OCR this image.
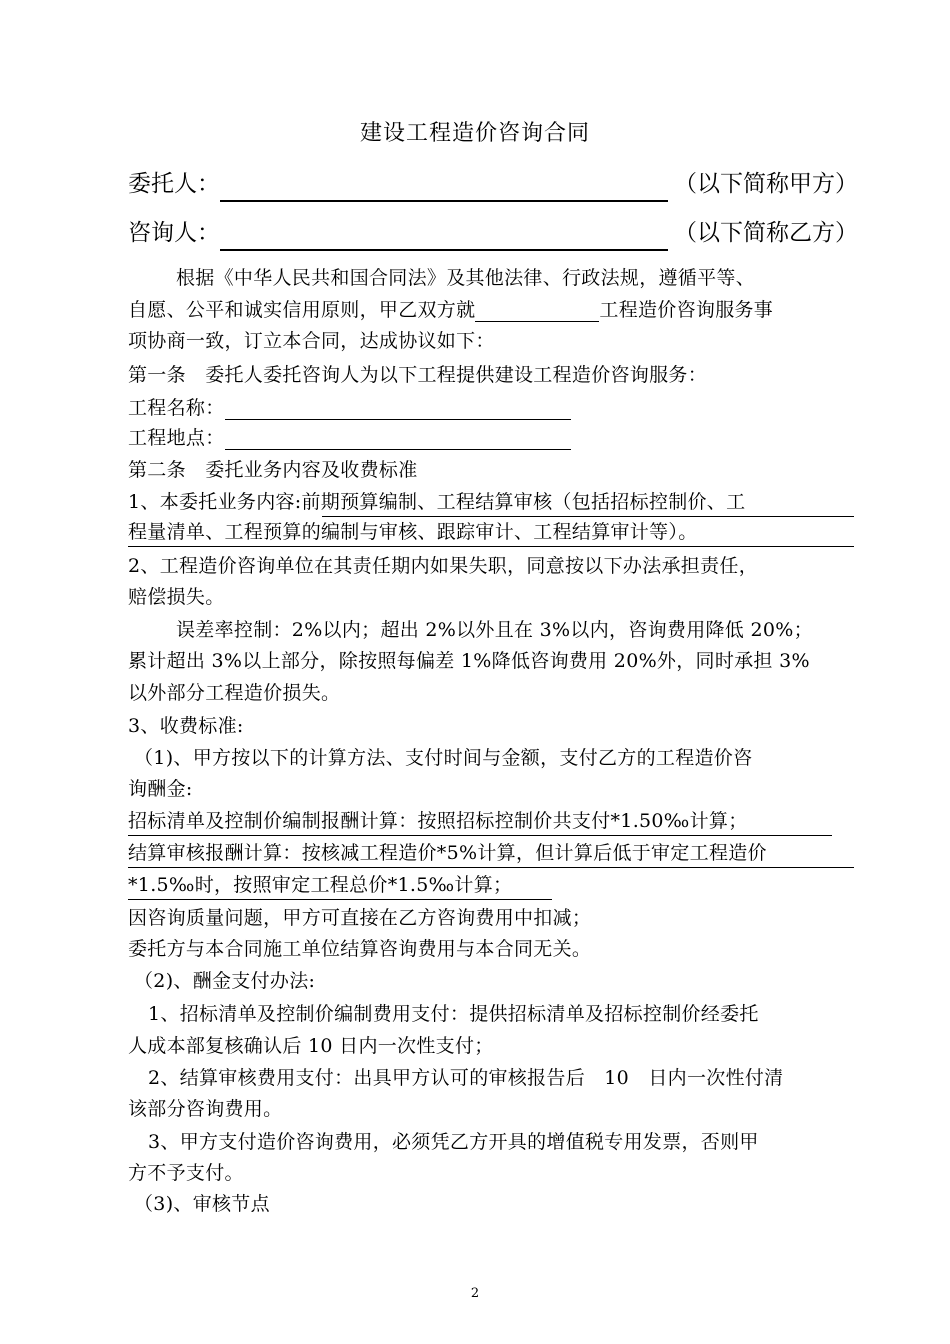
建设工程造价咨询合同
委托人：	（以下简称甲方）
咨询人：	（以下简称乙方）
根据《中华人民共和国合同法》及其他法律、行政法规，遵循平等、
自愿、公平和诚实信用原则，甲乙双方就	工程造价咨询服务事
项协商一致，订立本合同，达成协议如下：
第一条　委托人委托咨询人为以下工程提供建设工程造价咨询服务：
工程名称：
工程地点：
第二条　委托业务内容及收费标准
1、本委托业务内容:前期预算编制、工程结算审核（包括招标控制价、工
程量清单、工程预算的编制与审核、跟踪审计、工程结算审计等）。
2、工程造价咨询单位在其责任期内如果失职，同意按以下办法承担责任，
赔偿损失。
误差率控制：2%以内；超出 2%以外且在 3%以内，咨询费用降低 20%；
累计超出 3%以上部分，除按照每偏差 1%降低咨询费用 20%外，同时承担 3%
以外部分工程造价损失。
3、收费标准:
（1)、甲方按以下的计算方法、支付时间与金额，支付乙方的工程造价咨
询酬金:
招标清单及控制价编制报酬计算：按照招标控制价共支付*1.50‰计算；
结算审核报酬计算：按核减工程造价*5%计算，但计算后低于审定工程造价
*1.5‰时，按照审定工程总价*1.5‰计算；
因咨询质量问题，甲方可直接在乙方咨询费用中扣减；
委托方与本合同施工单位结算咨询费用与本合同无关。
（2)、酬金支付办法:
1、招标清单及控制价编制费用支付：提供招标清单及招标控制价经委托
人成本部复核确认后 10 日内一次性支付；
2、结算审核费用支付：出具甲方认可的审核报告后　10　日内一次性付清
该部分咨询费用。
3、甲方支付造价咨询费用，必须凭乙方开具的增值税专用发票，否则甲
方不予支付。
（3)、审核节点
2
